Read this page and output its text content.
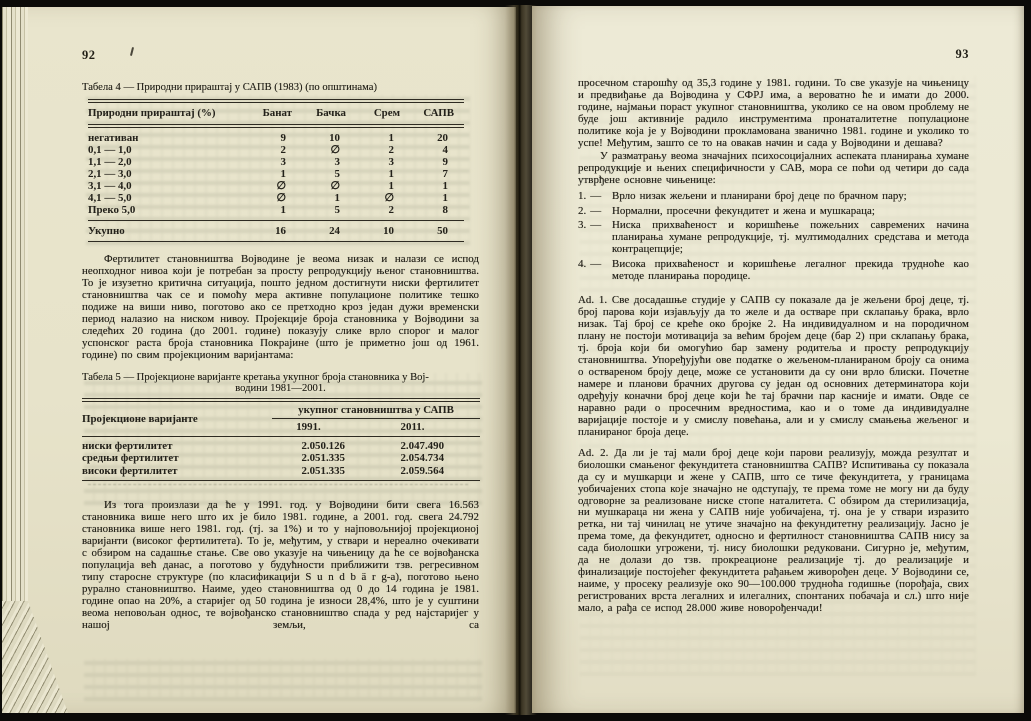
92
Табела 4 — Природни прираштај у САПВ (1983) (по општинама)
Природни прираштај (%)	Банат	Бачка	Срем	САПВ
негативан	9	10	1	20
0,1 — 1,0	2	∅	2	4
1,1 — 2,0	3	3	3	9
2,1 — 3,0	1	5	1	7
3,1 — 4,0	∅	∅	1	1
4,1 — 5,0	∅	1	∅	1
Преко 5,0	1	5	2	8
Укупно	16	24	10	50

Фертилитет становништва Војводине је веома низак и налази се испод неопходног нивоа који је потребан за просту репродукцију њеног становништва. То је изузетно критична ситуација, пошто једном достигнути ниски фертилитет становништва чак се и помоћу мера активне популационе политике тешко подиже на виши ниво, поготово ако се претходно кроз један дужи временски период налазио на ниском нивоу. Пројекције броја становника у Војводини за следећих 20 година (до 2001. године) показују слике врло спорог и малог успонског раста броја становника Покрајине (што је приметно још од 1961. године) по свим пројекционим варијантама:

Табела 5 — Пројекционе варијанте кретања укупног броја становника у Вој-
водини 1981—2001.
Пројекционе варијанте	укупног становништва у САПВ	
	1991.	2011.
ниски фертилитет	2.050.126	2.047.490
средњи фертилитет	2.051.335	2.054.734
високи фертилитет	2.051.335	2.059.564

Из тога произлази да ће у 1991. год. у Војводини бити свега 16.563 становника више него што их је било 1981. године, а 2001. год. свега 24.792 становника више него 1981. год. (тј. за 1%) и то у најповољнијој пројекционој варијанти (високог фертилитета). То је, међутим, у ствари и нереално очекивати с обзиром на садашње стање. Све ово указује на чињеницу да ће се војвођанска популација већ данас, а поготово у будућности приближити тзв. регресивном типу старосне структуре (по класификацији S u n d b ä r g-a), поготово њено рурално становништво. Наиме, удео становништва од 0 до 14 година је 1981. године опао на 20%, а старијег од 50 година је износи 28,4%, што је у суштини веома неповољан однос, те војвођанско становништво спада у ред најстаријег у нашој земљи, са

93

просечном старошћу од 35,3 године у 1981. години. То све указује на чињеницу и предвиђање да Војводина у СФРЈ има, а вероватно ће и имати до 2000. године, најмањи пораст укупног становништва, уколико се на овом проблему не буде још активније радило инструментима пронаталитетне популационе политике која је у Војводини прокламована званично 1981. године и уколико то успе! Међутим, зашто се то на овакав начин и сада у Војводини и дешава?

У разматрању веома значајних психосоцијалних аспеката планирања хумане репродукције и њених специфичности у САВ, мора се поћи од четири до сада утврђене основне чињенице:

1. — Врло низак жељени и планирани број деце по брачном пару;
2. — Нормални, просечни фекундитет и жена и мушкараца;
3. — Ниска прихваћеност и коришћење пожељних савремених начина планирања хумане репродукције, тј. мултимодалних средстава и метода контрацепције;
4. — Висока прихваћеност и коришћење легалног прекида трудноће као методе планирања породице.

Ad. 1. Све досадашње студије у САПВ су показале да је жељени број деце, тј. број парова који изјављују да то желе и да остваре при склапању брака, врло низак. Тај број се креће око бројке 2. На индивидуалном и на породичном плану не постоји мотивација за већим бројем деце (бар 2) при склапању брака, тј. броја који би омогућио бар замену родитеља и просту репродукцију становништва. Упоређујући ове податке о жељеном-планираном броју са онима о оствареном броју деце, може се установити да су они врло блиски. Почетне намере и планови брачних другова су један од основних детерминатора који одређују коначни број деце који ће тај брачни пар касније и имати. Овде се наравно ради о просечним вредностима, као и о томе да индивидуалне варијације постоје и у смислу повећања, али и у смислу смањења жељеног и планираног броја деце.

Ad. 2. Да ли је тај мали број деце који парови реализују, можда резултат и биолошки смањеног фекундитета становништва САПВ? Испитивања су показала да су и мушкарци и жене у САПВ, што се тиче фекундитета, у границама уобичајених стопа које значајно не одступају, те према томе не могу ни да буду одговорне за реализоване ниске стопе наталитета. С обзиром да стерилизација, ни мушкараца ни жена у САПВ није уобичајена, тј. она је у ствари изразито ретка, ни тај чинилац не утиче значајно на фекундитетну реализацију. Јасно је према томе, да фекундитет, односно и фертилност становништва САПВ нису за сада биолошки угрожени, тј. нису биолошки редуковани. Сигурно је, међутим, да не долази до тзв. прокреационе реализације тј. до реализације и финализације постојећег фекундитета рађањем живорођен деце. У Војводини се, наиме, у просеку реализује око 90—100.000 трудноћа годишње (порођаја, свих регистрованих врста легалних и илегалних, спонтаних побачаја и сл.) што није мало, а рађа се испод 28.000 живе новорођенчади!
